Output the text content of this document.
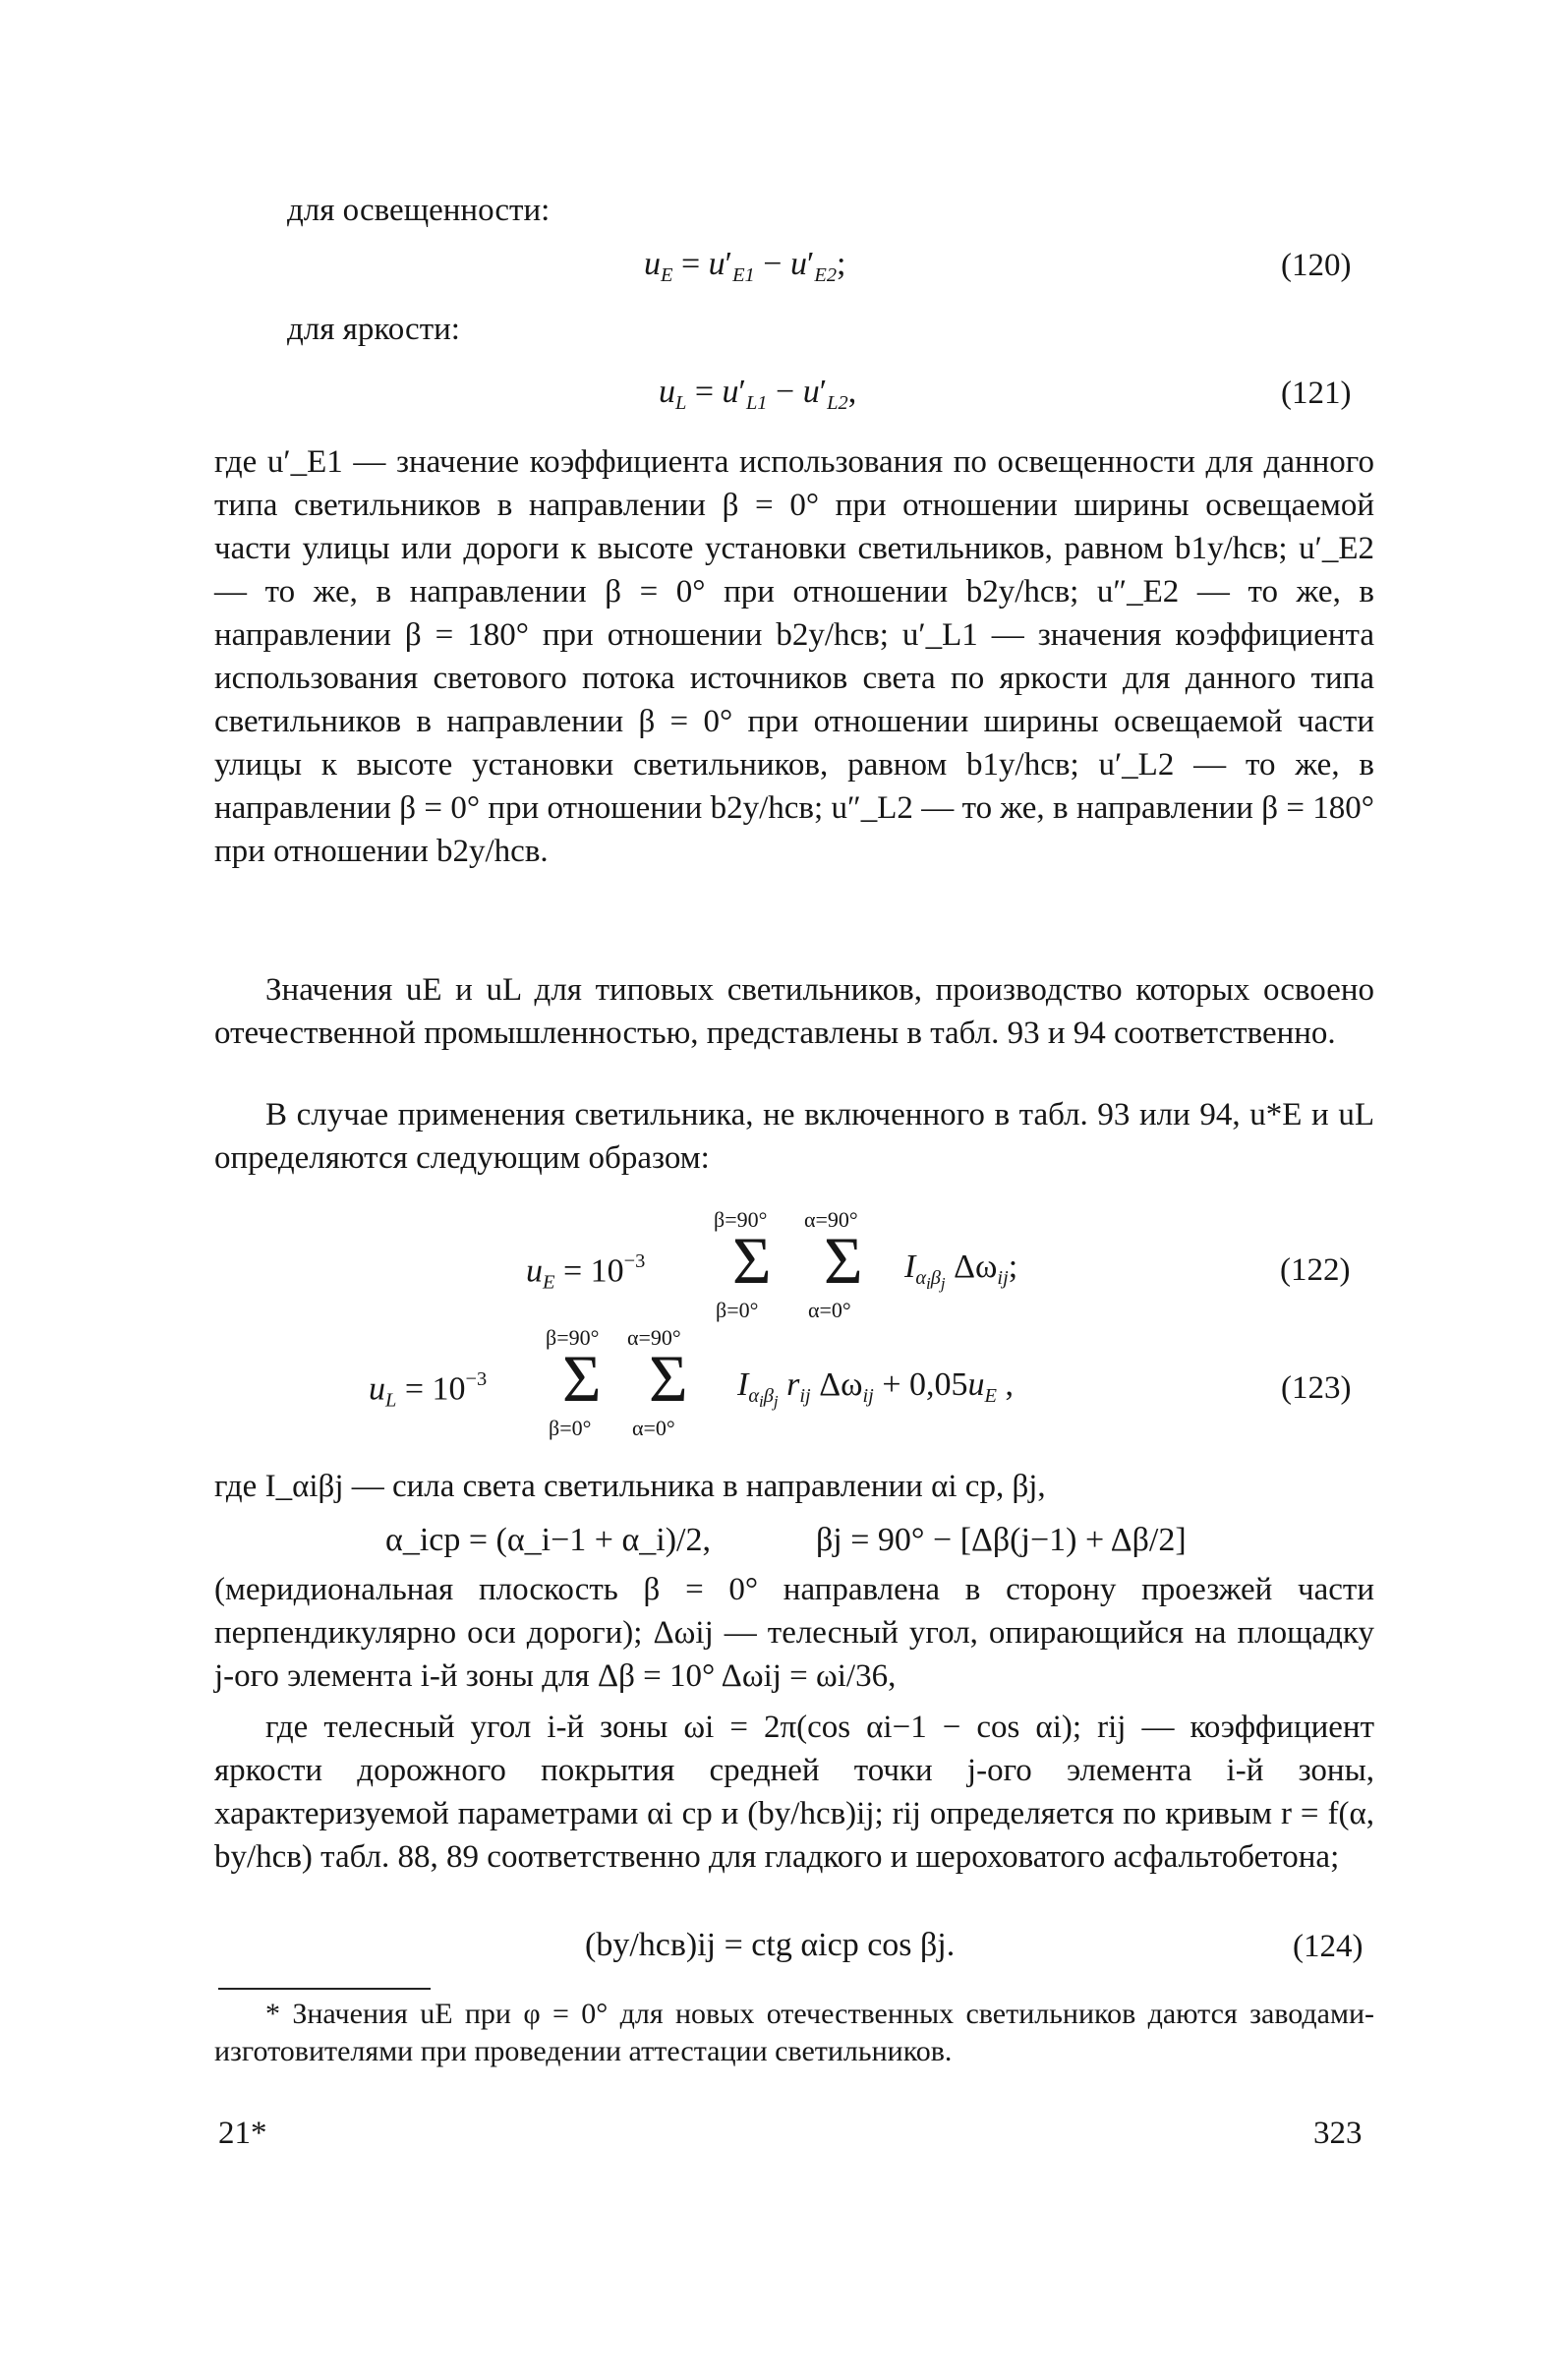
для освещенности:
для яркости:
$u_E = u'_{E1} - u'_{E2}$;	(120)
$u_L = u'_{L1} - u'_{L2}$,	(121)
где u′_E1 — значение коэффициента использования по освещенности для данного типа светильников в направлении β = 0° при отношении ширины освещаемой части улицы или дороги к высоте установки светильников, равном b1y/hсв; u′_E2 — то же, в направлении β = 0° при отношении b2y/hсв; u″_E2 — то же, в направлении β = 180° при отношении b2y/hсв; u′_L1 — значения коэффициента использования светового потока источников света по яркости для данного типа светильников в направлении β = 0° при отношении ширины освещаемой части улицы к высоте установки светильников, равном b1y/hсв; u′_L2 — то же, в направлении β = 0° при отношении b2y/hсв; u″_L2 — то же, в направлении β = 180° при отношении b2y/hсв.
Значения uE и uL для типовых светильников, производство которых освоено отечественной промышленностью, представлены в табл. 93 и 94 соответственно.
В случае применения светильника, не включенного в табл. 93 или 94, u*E и uL определяются следующим образом:
$u_E = 10^{-3}$
β=90° α=90°
Σ Σ
β=0° α=0°
$I_{\alpha_i\beta_j}$ $\Delta\omega_{ij}$;	(122)
$u_L = 10^{-3}$
β=90° α=90°
Σ Σ
β=0° α=0°
$I_{\alpha_i\beta_j}$ $r_{ij}$ $\Delta\omega_{ij} + 0,05u_E$ ,	(123)
где I_αiβj — сила света светильника в направлении αi ср, βj,
α_iср = (α_i−1 + α_i)/2,	βj = 90° − [Δβ(j−1) + Δβ/2]
(меридиональная плоскость β = 0° направлена в сторону проезжей части перпендикулярно оси дороги); Δωij — телесный угол, опирающийся на площадку j-ого элемента i-й зоны для Δβ = 10° Δωij = ωi/36,
где телесный угол i-й зоны ωi = 2π(cos αi−1 − cos αi); rij — коэффициент яркости дорожного покрытия средней точки j-ого элемента i-й зоны, характеризуемой параметрами αi ср и (by/hсв)ij; rij определяется по кривым r = f(α, by/hсв) табл. 88, 89 соответственно для гладкого и шероховатого асфальтобетона;
(by/hсв)ij = ctg αiср cos βj.	(124)
* Значения uE при φ = 0° для новых отечественных светильников даются заводами-изготовителями при проведении аттестации светильников.
21*	323
